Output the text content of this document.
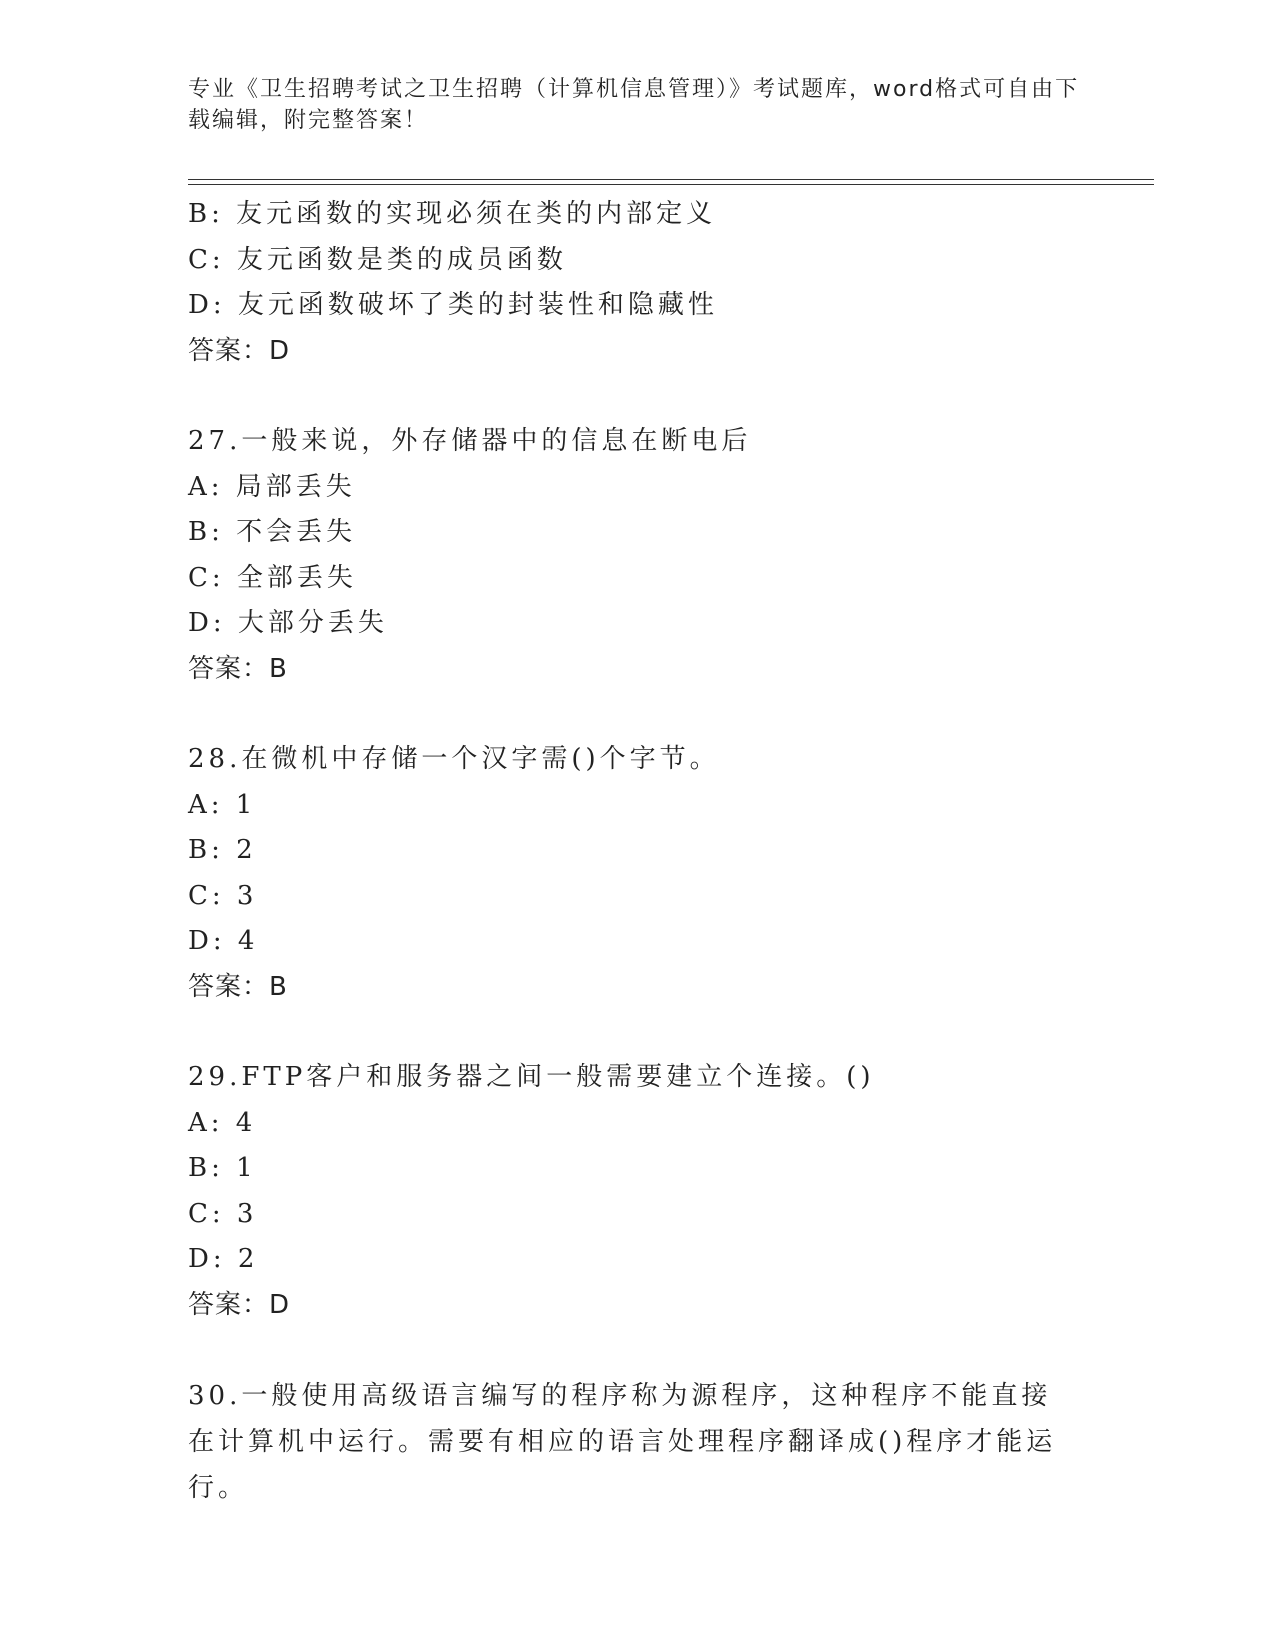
专业《卫生招聘考试之卫生招聘（计算机信息管理）》考试题库，word格式可自由下载编辑，附完整答案！
B: 友元函数的实现必须在类的内部定义
C: 友元函数是类的成员函数
D: 友元函数破坏了类的封装性和隐藏性
答案：D
27.一般来说，外存储器中的信息在断电后
A: 局部丢失
B: 不会丢失
C: 全部丢失
D: 大部分丢失
答案：B
28.在微机中存储一个汉字需()个字节。
A: 1
B: 2
C: 3
D: 4
答案：B
29.FTP客户和服务器之间一般需要建立个连接。()
A: 4
B: 1
C: 3
D: 2
答案：D
30.一般使用高级语言编写的程序称为源程序，这种程序不能直接在计算机中运行。需要有相应的语言处理程序翻译成()程序才能运行。
